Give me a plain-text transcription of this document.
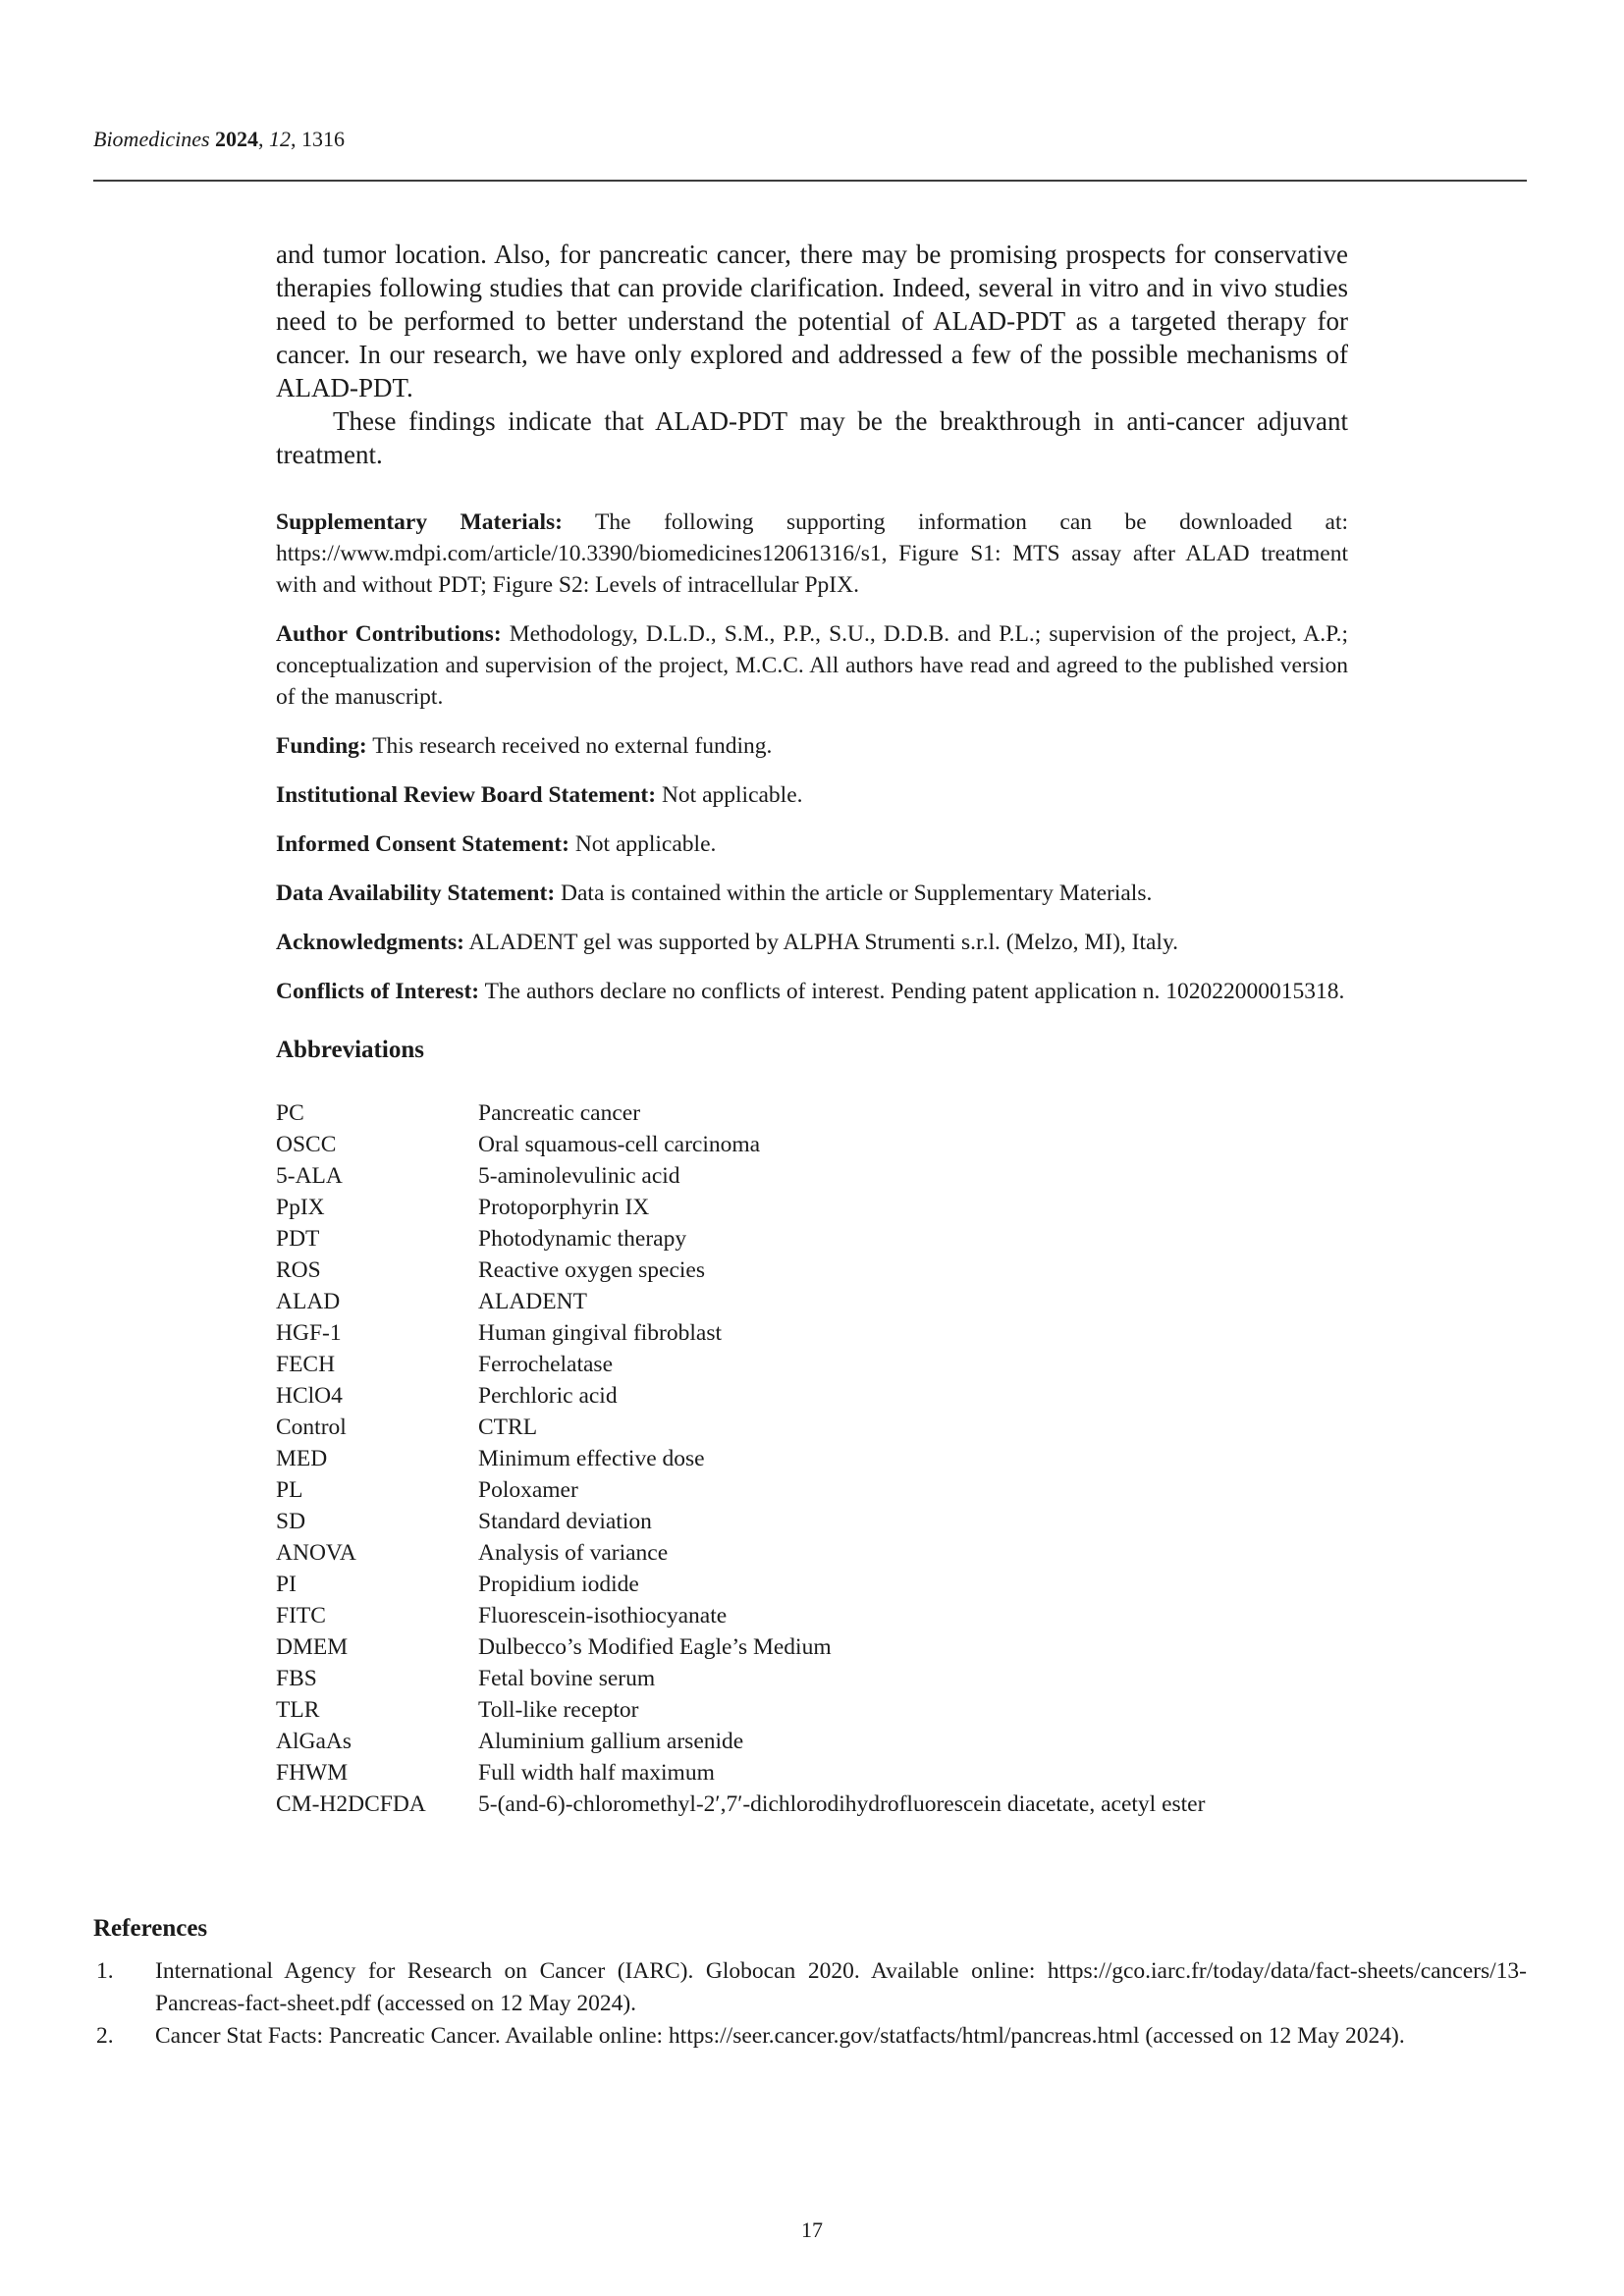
Biomedicines 2024, 12, 1316

and tumor location. Also, for pancreatic cancer, there may be promising prospects for conservative therapies following studies that can provide clarification. Indeed, several in vitro and in vivo studies need to be performed to better understand the potential of ALAD-PDT as a targeted therapy for cancer. In our research, we have only explored and addressed a few of the possible mechanisms of ALAD-PDT.

These findings indicate that ALAD-PDT may be the breakthrough in anti-cancer adjuvant treatment.

Supplementary Materials: The following supporting information can be downloaded at: https://www.mdpi.com/article/10.3390/biomedicines12061316/s1, Figure S1: MTS assay after ALAD treatment with and without PDT; Figure S2: Levels of intracellular PpIX.

Author Contributions: Methodology, D.L.D., S.M., P.P., S.U., D.D.B. and P.L.; supervision of the project, A.P.; conceptualization and supervision of the project, M.C.C. All authors have read and agreed to the published version of the manuscript.

Funding: This research received no external funding.

Institutional Review Board Statement: Not applicable.

Informed Consent Statement: Not applicable.

Data Availability Statement: Data is contained within the article or Supplementary Materials.

Acknowledgments: ALADENT gel was supported by ALPHA Strumenti s.r.l. (Melzo, MI), Italy.

Conflicts of Interest: The authors declare no conflicts of interest. Pending patent application n. 102022000015318.

Abbreviations
PC	Pancreatic cancer
OSCC	Oral squamous-cell carcinoma
5-ALA	5-aminolevulinic acid
PpIX	Protoporphyrin IX
PDT	Photodynamic therapy
ROS	Reactive oxygen species
ALAD	ALADENT
HGF-1	Human gingival fibroblast
FECH	Ferrochelatase
HClO4	Perchloric acid
Control	CTRL
MED	Minimum effective dose
PL	Poloxamer
SD	Standard deviation
ANOVA	Analysis of variance
PI	Propidium iodide
FITC	Fluorescein-isothiocyanate
DMEM	Dulbecco’s Modified Eagle’s Medium
FBS	Fetal bovine serum
TLR	Toll-like receptor
AlGaAs	Aluminium gallium arsenide
FHWM	Full width half maximum
CM-H2DCFDA	5-(and-6)-chloromethyl-2′,7′-dichlorodihydrofluorescein diacetate, acetyl ester
References
1.	International Agency for Research on Cancer (IARC). Globocan 2020. Available online: https://gco.iarc.fr/today/data/fact-sheets/cancers/13-Pancreas-fact-sheet.pdf (accessed on 12 May 2024).
2.	Cancer Stat Facts: Pancreatic Cancer. Available online: https://seer.cancer.gov/statfacts/html/pancreas.html (accessed on 12 May 2024).
17
